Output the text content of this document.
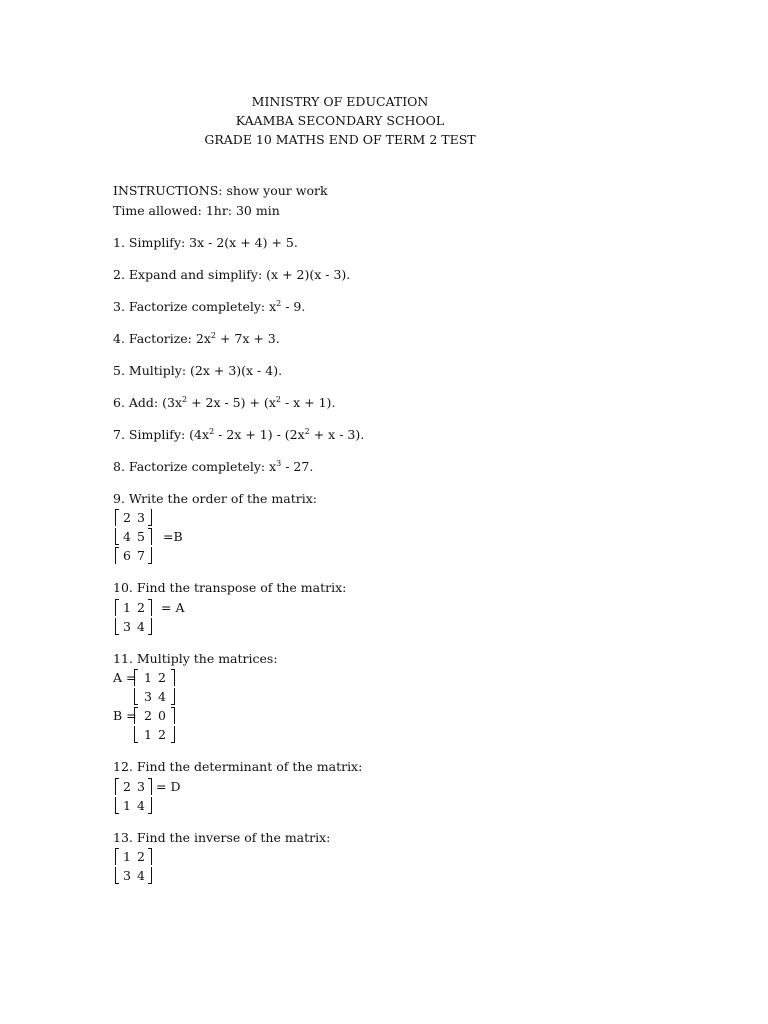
MINISTRY OF EDUCATION
KAAMBA SECONDARY SCHOOL
GRADE 10 MATHS END OF TERM 2 TEST
INSTRUCTIONS: show your work
Time allowed: 1hr: 30 min
1. Simplify: 3x - 2(x + 4) + 5.
2. Expand and simplify: (x + 2)(x - 3).
3. Factorize completely: $x^2 - 9$.
4. Factorize: $2x^2 + 7x + 3$.
5. Multiply: (2x + 3)(x - 4).
6. Add: $(3x^2 + 2x - 5) + (x^2 - x + 1)$.
7. Simplify: $(4x^2 - 2x + 1) - (2x^2 + x - 3)$.
8. Factorize completely: $x^3 - 27$.
9. Write the order of the matrix:

2

3

4

5

=B

6

7

10. Find the transpose of the matrix:

1

2

= A

3

4

11. Multiply the matrices:

A =

1

2

3

4

B =

2

0

1

2

12. Find the determinant of the matrix:

2

3

= D

1

4

13. Find the inverse of the matrix:

1

2

3

4
